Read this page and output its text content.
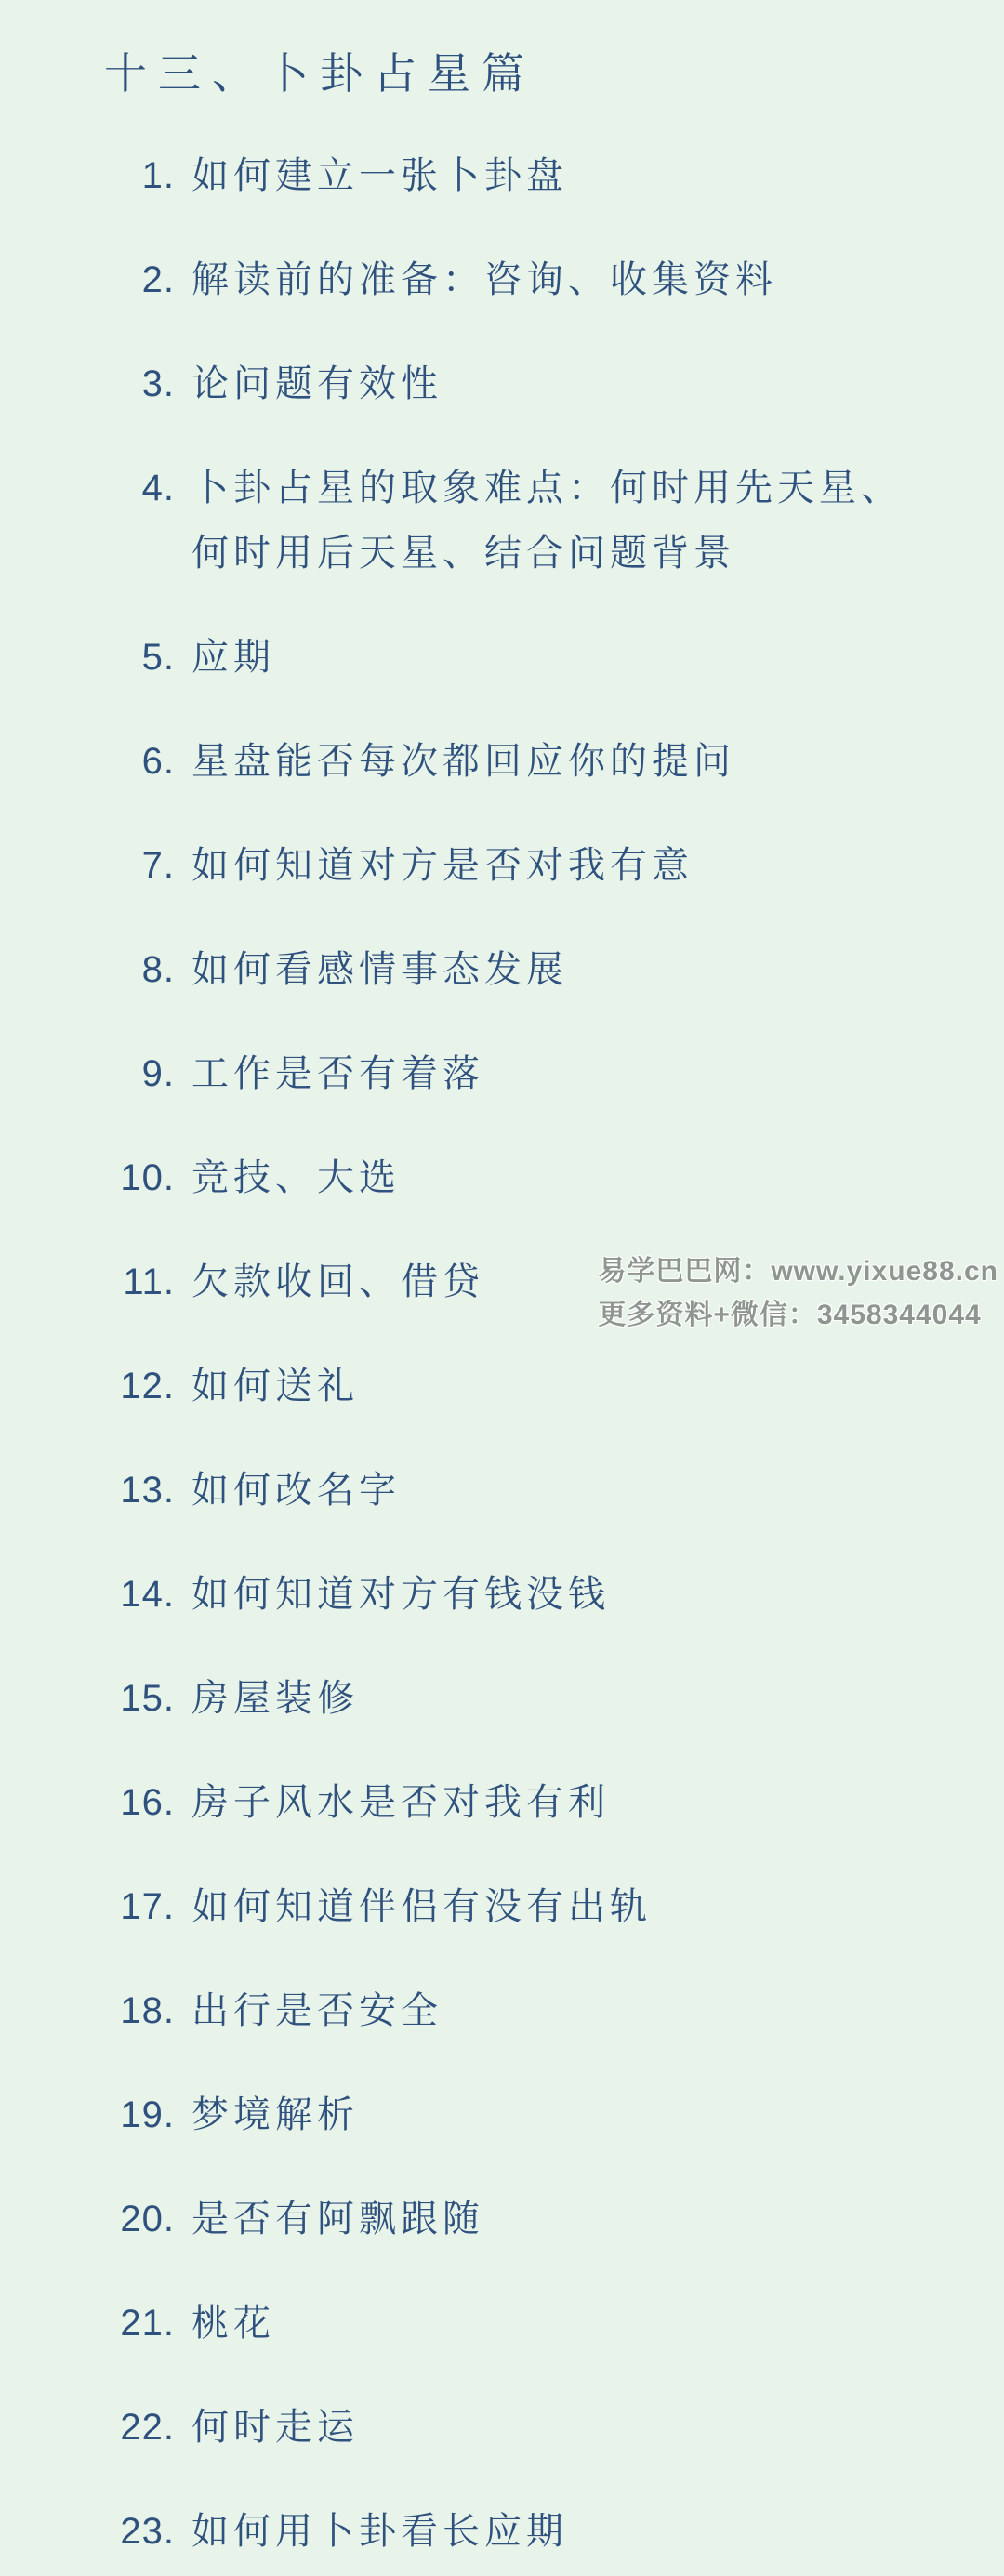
十三、卜卦占星篇
1. 如何建立一张卜卦盘
2. 解读前的准备：咨询、收集资料
3. 论问题有效性
4. 卜卦占星的取象难点：何时用先天星、
何时用后天星、结合问题背景
5. 应期
6. 星盘能否每次都回应你的提问
7. 如何知道对方是否对我有意
8. 如何看感情事态发展
9. 工作是否有着落
10. 竞技、大选
11. 欠款收回、借贷
12. 如何送礼
13. 如何改名字
14. 如何知道对方有钱没钱
15. 房屋装修
16. 房子风水是否对我有利
17. 如何知道伴侣有没有出轨
18. 出行是否安全
19. 梦境解析
20. 是否有阿飘跟随
21. 桃花
22. 何时走运
23. 如何用卜卦看长应期
易学巴巴网：www.yixue88.cn
更多资料+微信：3458344044
